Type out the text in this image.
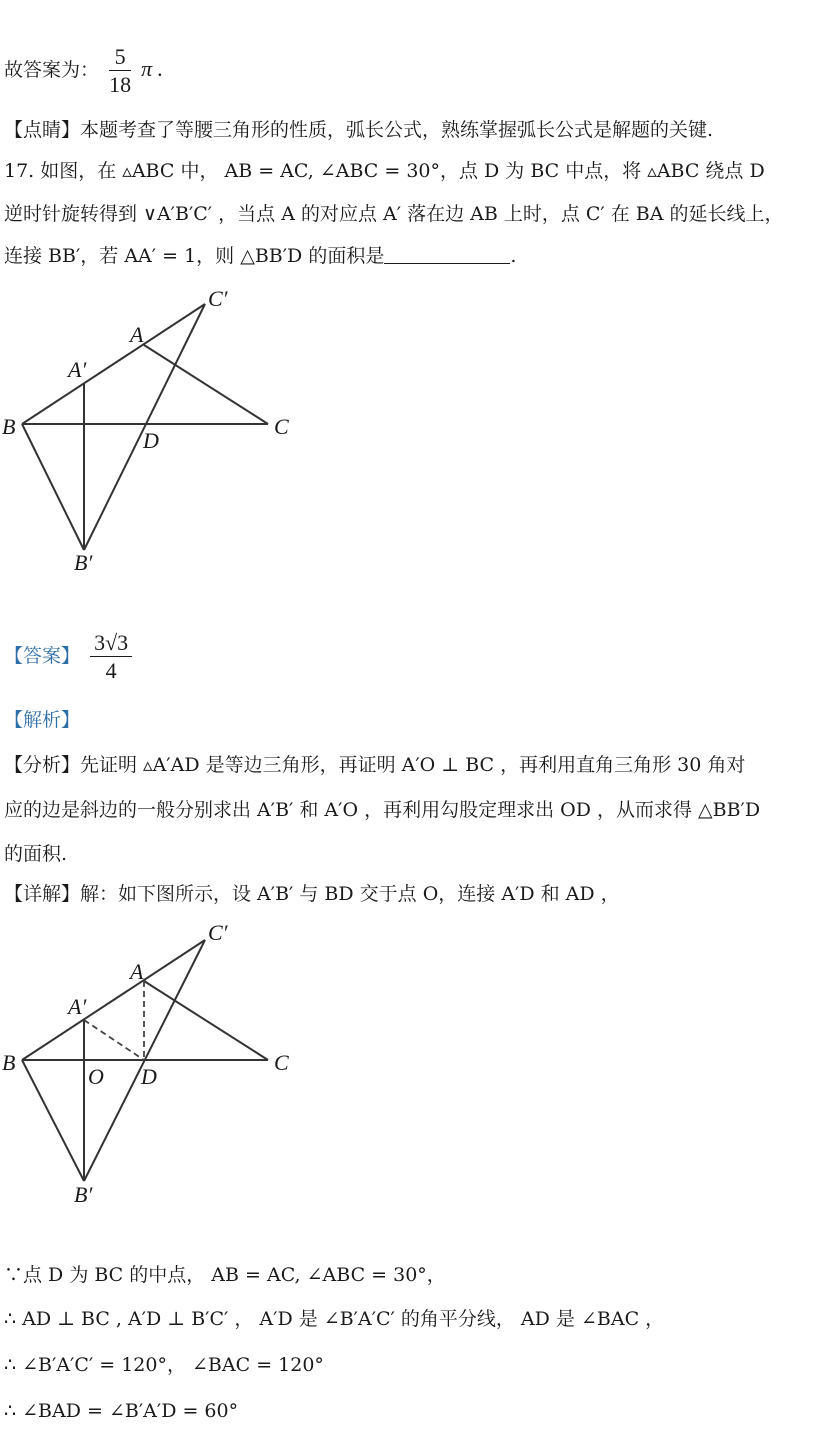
故答案为： $\frac{5}{18}$ π .
【点睛】本题考查了等腰三角形的性质，弧长公式，熟练掌握弧长公式是解题的关键.
17. 如图，在 ▵ABC 中， AB = AC, ∠ABC = 30°，点 D 为 BC 中点，将 ▵ABC 绕点 D
逆时针旋转得到 ∨A′B′C′ ，当点 A 的对应点 A′ 落在边 AB 上时，点 C′ 在 BA 的延长线上，
连接 BB′，若 AA′ = 1，则 △BB′D 的面积是	.
C′
A
A′
B	C
D
B′
【答案】 $\frac{3√3}{4}$
【解析】
【分析】先证明 ▵A′AD 是等边三角形，再证明 A′O ⊥ BC ，再利用直角三角形 30 角对
应的边是斜边的一般分别求出 A′B′ 和 A′O ，再利用勾股定理求出 OD ，从而求得 △BB′D
的面积.
【详解】解：如下图所示，设 A′B′ 与 BD 交于点 O，连接 A′D 和 AD ，
C′
A
A′
B	C
O D
B′
∵点 D 为 BC 的中点， AB = AC, ∠ABC = 30°，
∴ AD ⊥ BC , A′D ⊥ B′C′ ， A′D 是 ∠B′A′C′ 的角平分线， AD 是 ∠BAC ，
∴ ∠B′A′C′ = 120°， ∠BAC = 120°
∴ ∠BAD = ∠B′A′D = 60°
